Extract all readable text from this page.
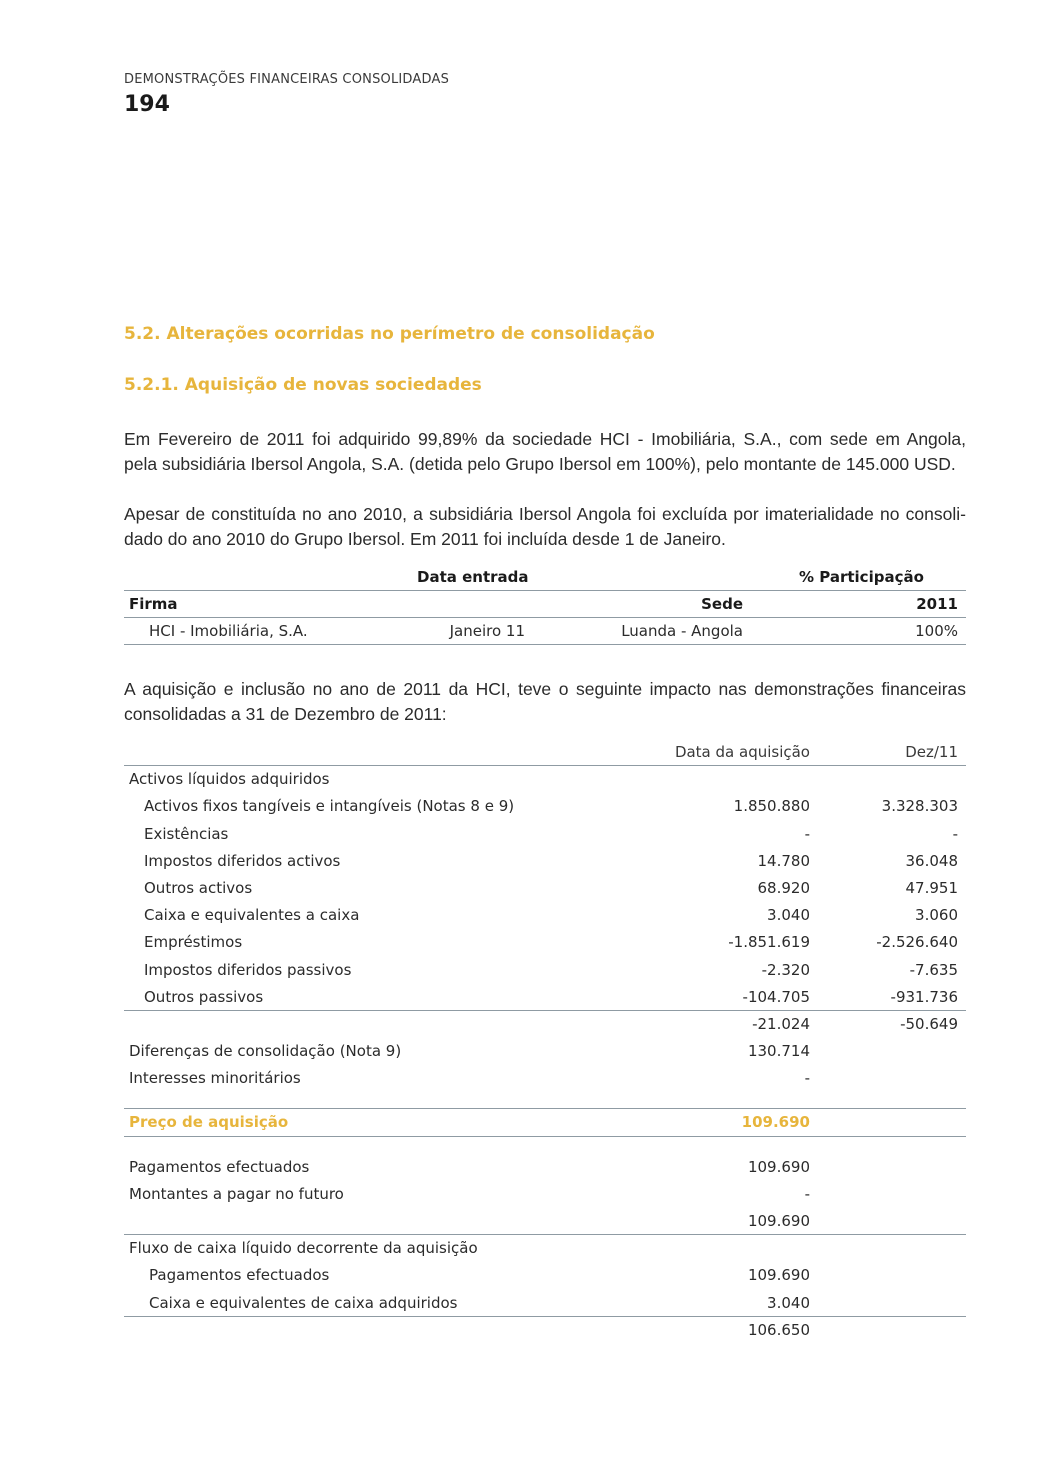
DEMONSTRAÇÕES FINANCEIRAS CONSOLIDADAS
194
5.2. Alterações ocorridas no perímetro de consolidação
5.2.1. Aquisição de novas sociedades
Em Fevereiro de 2011 foi adquirido 99,89% da sociedade HCI - Imobiliária, S.A., com sede em Angola,
pela subsidiária Ibersol Angola, S.A. (detida pelo Grupo Ibersol em 100%), pelo montante de 145.000 USD.
Apesar de constituída no ano 2010, a subsidiária Ibersol Angola foi excluída por imaterialidade no consoli-
dado do ano 2010 do Grupo Ibersol. Em 2011 foi incluída desde 1 de Janeiro.
Data entrada	% Participação
Firma	Sede	2011
HCI - Imobiliária, S.A.	Janeiro 11	Luanda - Angola	100%
A aquisição e inclusão no ano de 2011 da HCI, teve o seguinte impacto nas demonstrações financeiras
consolidadas a 31 de Dezembro de 2011:
Data da aquisição	Dez/11
Activos líquidos adquiridos
Activos fixos tangíveis e intangíveis (Notas 8 e 9)	1.850.880	3.328.303
Existências	-	-
Impostos diferidos activos	14.780	36.048
Outros activos	68.920	47.951
Caixa e equivalentes a caixa	3.040	3.060
Empréstimos	-1.851.619	-2.526.640
Impostos diferidos passivos	-2.320	-7.635
Outros passivos	-104.705	-931.736
-21.024	-50.649
Diferenças de consolidação (Nota 9)	130.714
Interesses minoritários	-
Preço de aquisição	109.690
Pagamentos efectuados	109.690
Montantes a pagar no futuro	-
109.690
Fluxo de caixa líquido decorrente da aquisição
Pagamentos efectuados	109.690
Caixa e equivalentes de caixa adquiridos	3.040
106.650
